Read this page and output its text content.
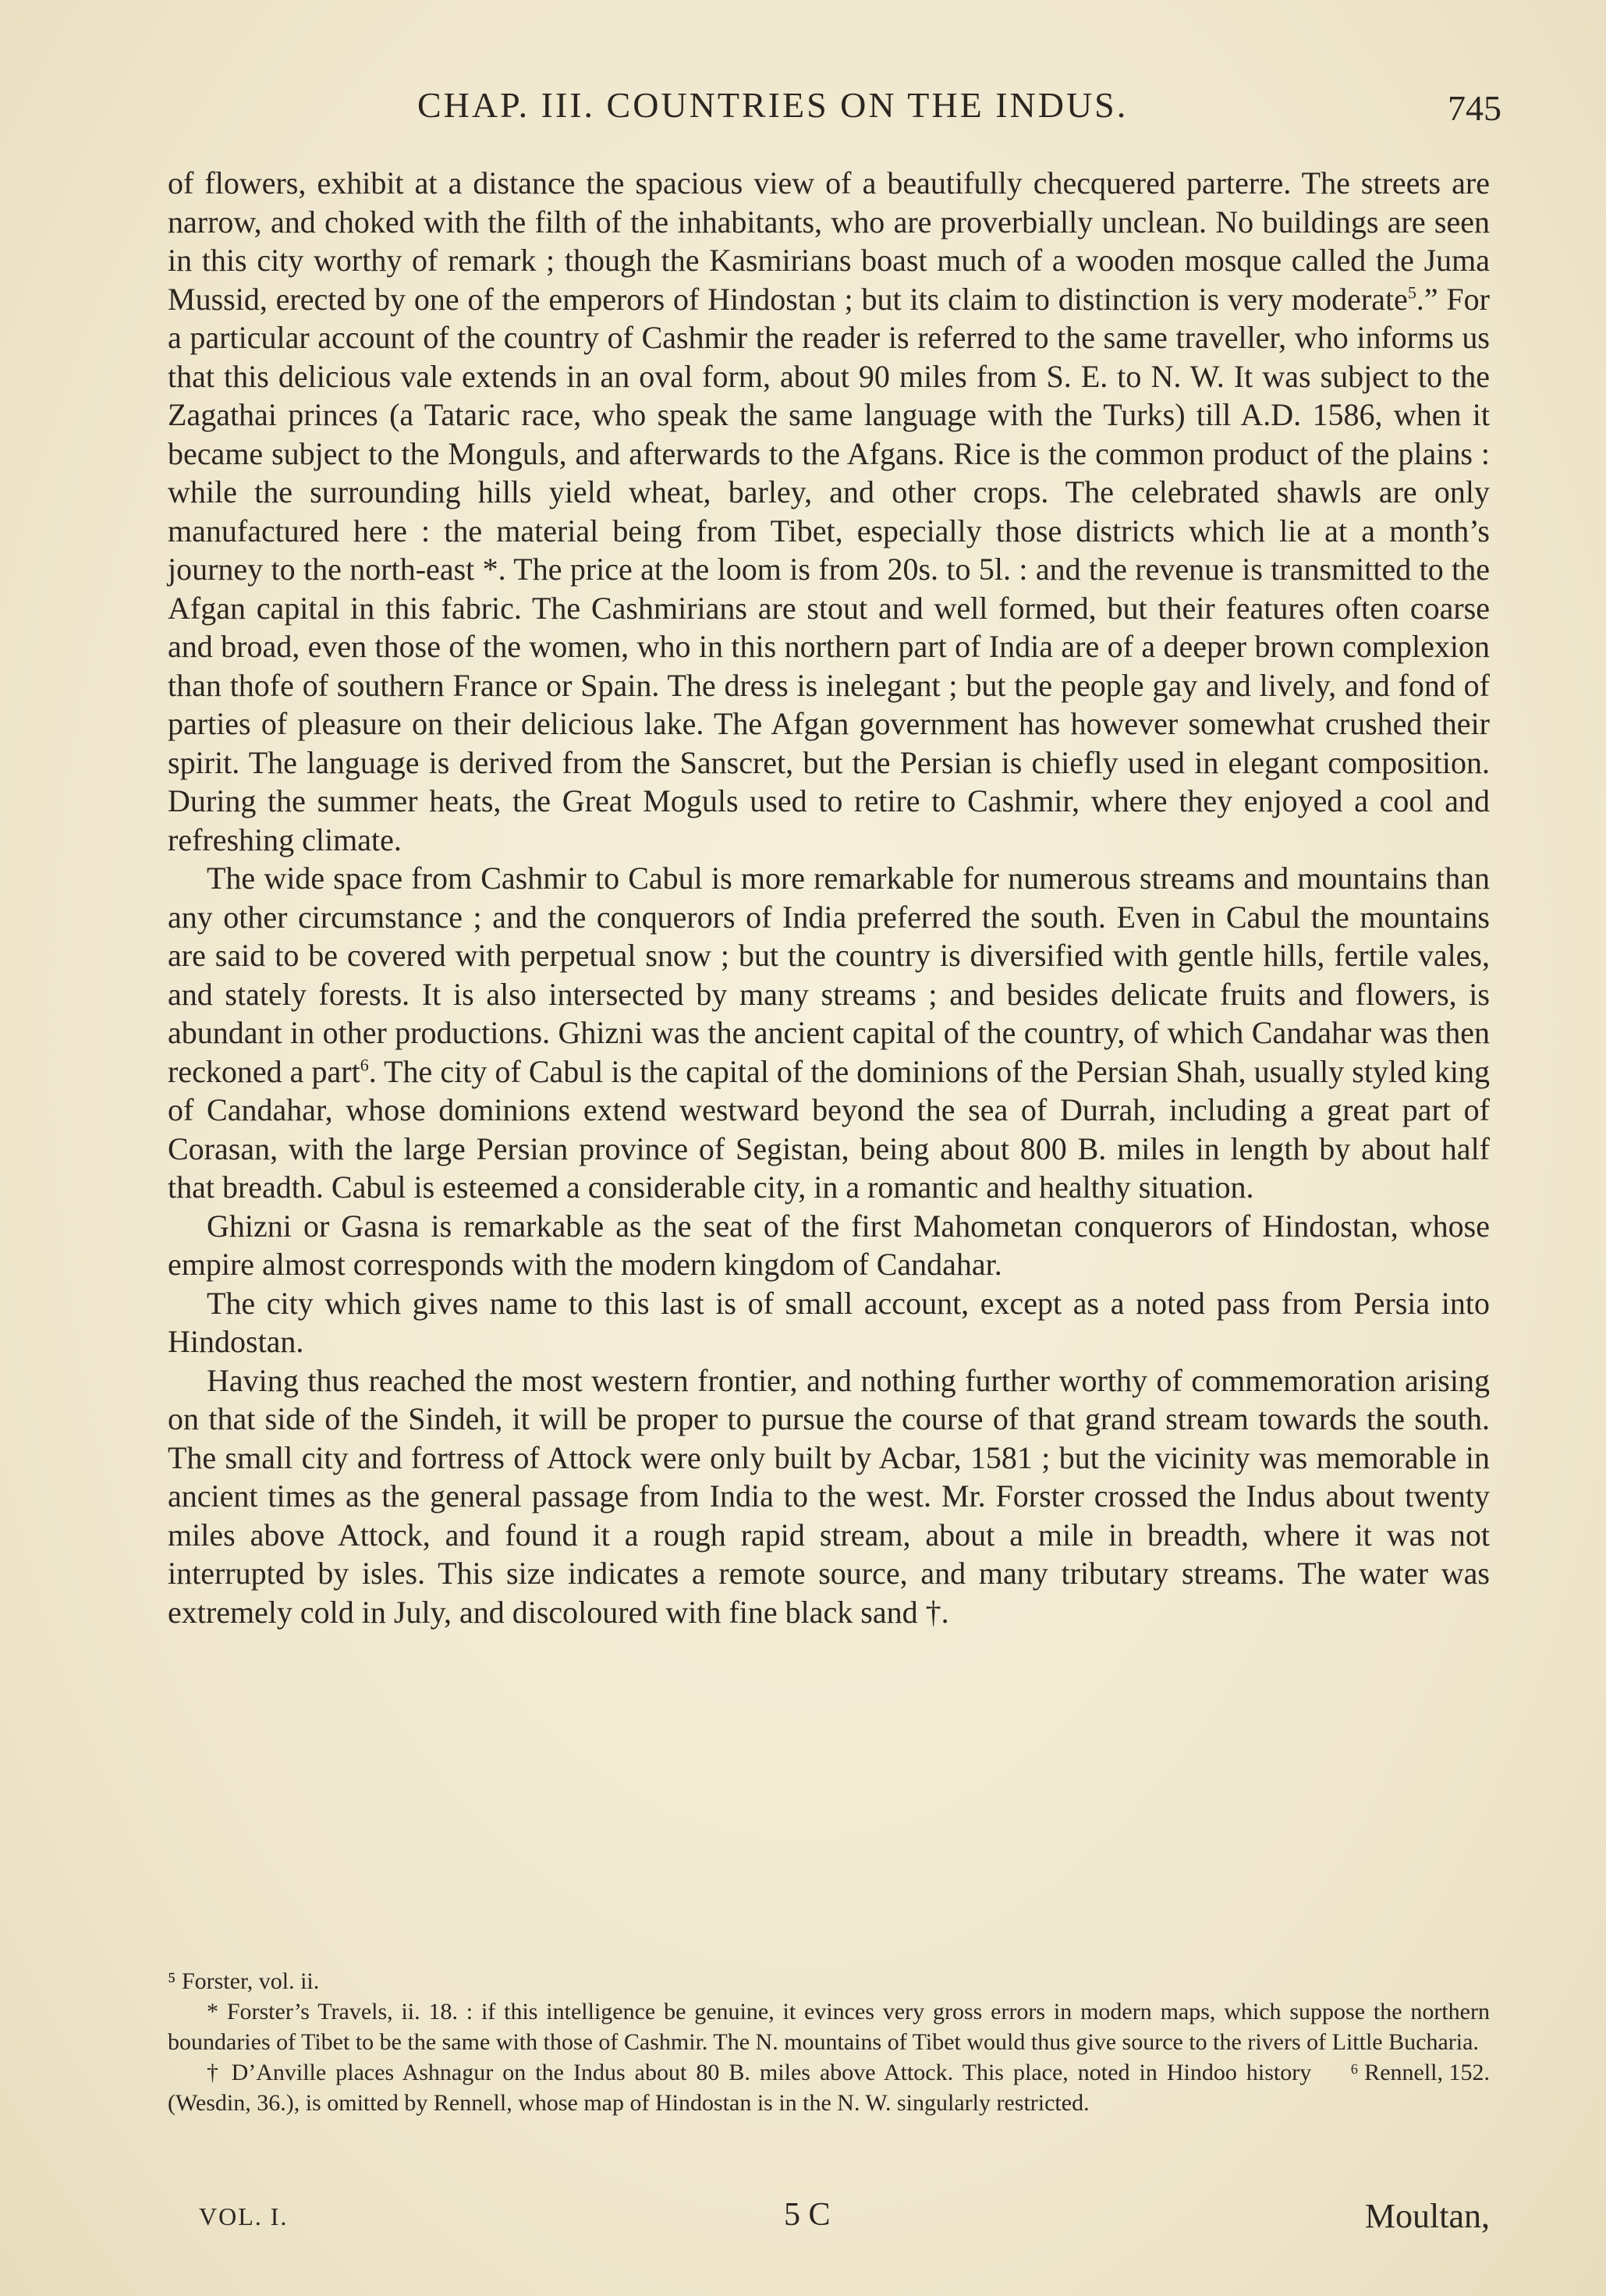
CHAP. III. COUNTRIES ON THE INDUS.	745

of flowers, exhibit at a distance the spacious view of a beautifully checquered parterre. The streets are narrow, and choked with the filth of the inhabitants, who are proverbially unclean. No buildings are seen in this city worthy of remark ; though the Kasmirians boast much of a wooden mosque called the Juma Mussid, erected by one of the emperors of Hindostan ; but its claim to distinction is very moderate$^5$.” For a particular account of the country of Cashmir the reader is referred to the same traveller, who informs us that this delicious vale extends in an oval form, about 90 miles from S. E. to N. W. It was subject to the Zagathai princes (a Tataric race, who speak the same language with the Turks) till A.D. 1586, when it became subject to the Monguls, and afterwards to the Afgans. Rice is the common product of the plains : while the surrounding hills yield wheat, barley, and other crops. The celebrated shawls are only manufactured here : the material being from Tibet, especially those districts which lie at a month’s journey to the north-east *. The price at the loom is from 20s. to 5l. : and the revenue is transmitted to the Afgan capital in this fabric. The Cashmirians are stout and well formed, but their features often coarse and broad, even those of the women, who in this northern part of India are of a deeper brown complexion than thofe of southern France or Spain. The dress is inelegant ; but the people gay and lively, and fond of parties of pleasure on their delicious lake. The Afgan government has however somewhat crushed their spirit. The language is derived from the Sanscret, but the Persian is chiefly used in elegant composition. During the summer heats, the Great Moguls used to retire to Cashmir, where they enjoyed a cool and refreshing climate.

The wide space from Cashmir to Cabul is more remarkable for numerous streams and mountains than any other circumstance ; and the conquerors of India preferred the south. Even in Cabul the mountains are said to be covered with perpetual snow ; but the country is diversified with gentle hills, fertile vales, and stately forests. It is also intersected by many streams ; and besides delicate fruits and flowers, is abundant in other productions. Ghizni was the ancient capital of the country, of which Candahar was then reckoned a part$^6$. The city of Cabul is the capital of the dominions of the Persian Shah, usually styled king of Candahar, whose dominions extend westward beyond the sea of Durrah, including a great part of Corasan, with the large Persian province of Segistan, being about 800 B. miles in length by about half that breadth. Cabul is esteemed a considerable city, in a romantic and healthy situation.

Ghizni or Gasna is remarkable as the seat of the first Mahometan conquerors of Hindostan, whose empire almost corresponds with the modern kingdom of Candahar.

The city which gives name to this last is of small account, except as a noted pass from Persia into Hindostan.

Having thus reached the most western frontier, and nothing further worthy of commemoration arising on that side of the Sindeh, it will be proper to pursue the course of that grand stream towards the south. The small city and fortress of Attock were only built by Acbar, 1581 ; but the vicinity was memorable in ancient times as the general passage from India to the west. Mr. Forster crossed the Indus about twenty miles above Attock, and found it a rough rapid stream, about a mile in breadth, where it was not interrupted by isles. This size indicates a remote source, and many tributary streams. The water was extremely cold in July, and discoloured with fine black sand †.

⁵ Forster, vol. ii.

* Forster’s Travels, ii. 18. : if this intelligence be genuine, it evinces very gross errors in modern maps, which suppose the northern boundaries of Tibet to be the same with those of Cashmir. The N. mountains of Tibet would thus give source to the rivers of Little Bucharia.
⁶ Rennell, 152.

† D’Anville places Ashnagur on the Indus about 80 B. miles above Attock. This place, noted in Hindoo history (Wesdin, 36.), is omitted by Rennell, whose map of Hindostan is in the N. W. singularly restricted.

VOL. I.	5 C	Moultan,
